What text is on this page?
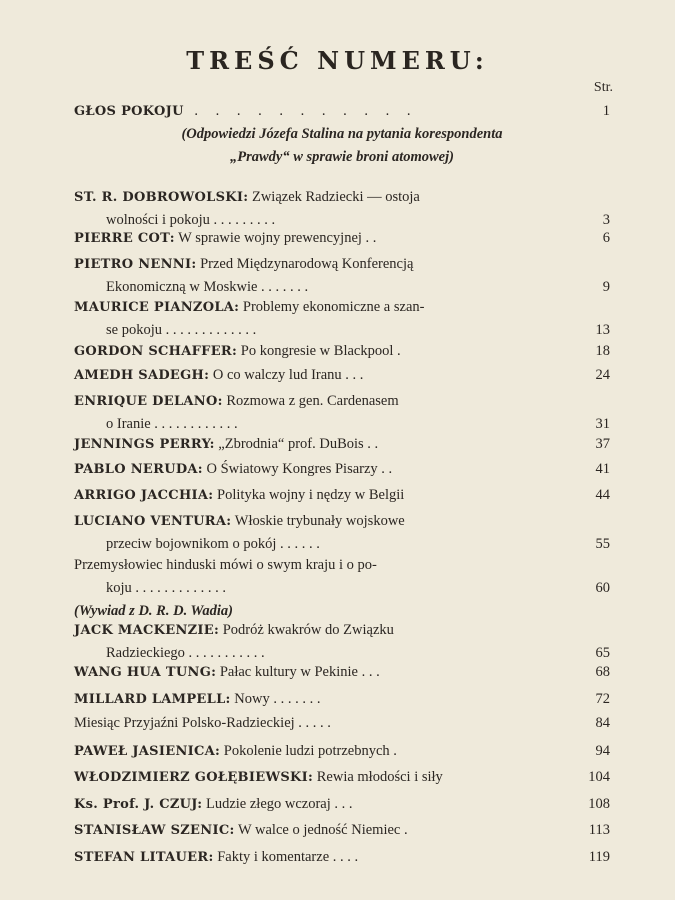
TREŚĆ NUMERU:
Str.
GŁOS POKOJU . . . . . . . . . . .	1
(Odpowiedzi Józefa Stalina na pytania korespondenta
„Prawdy“ w sprawie broni atomowej)
ST. R. DOBROWOLSKI: Związek Radziecki — ostoja
wolności i pokoju . . . . . . . . .	3
PIERRE COT: W sprawie wojny prewencyjnej . .	6
PIETRO NENNI: Przed Międzynarodową Konferencją
Ekonomiczną w Moskwie . . . . . . .	9
MAURICE PIANZOLA: Problemy ekonomiczne a szan-
se pokoju . . . . . . . . . . . . .	13
GORDON SCHAFFER: Po kongresie w Blackpool .	18
AMEDH SADEGH: O co walczy lud Iranu . . .	24
ENRIQUE DELANO: Rozmowa z gen. Cardenasem
o Iranie . . . . . . . . . . . .	31
JENNINGS PERRY: „Zbrodnia“ prof. DuBois . .	37
PABLO NERUDA: O Światowy Kongres Pisarzy . .	41
ARRIGO JACCHIA: Polityka wojny i nędzy w Belgii	44
LUCIANO VENTURA: Włoskie trybunały wojskowe
przeciw bojownikom o pokój . . . . . .	55
Przemysłowiec hinduski mówi o swym kraju i o po-
koju . . . . . . . . . . . . .	60
(Wywiad z D. R. D. Wadia)
JACK MACKENZIE: Podróż kwakrów do Związku
Radzieckiego . . . . . . . . . . .	65
WANG HUA TUNG: Pałac kultury w Pekinie . . .	68
MILLARD LAMPELL: Nowy . . . . . . .	72
Miesiąc Przyjaźni Polsko-Radzieckiej . . . . .	84
PAWEŁ JASIENICA: Pokolenie ludzi potrzebnych .	94
WŁODZIMIERZ GOŁĘBIEWSKI: Rewia młodości i siły	104
Ks. Prof. J. CZUJ: Ludzie złego wczoraj . . .	108
STANISŁAW SZENIC: W walce o jedność Niemiec .	113
STEFAN LITAUER: Fakty i komentarze . . . .	119
